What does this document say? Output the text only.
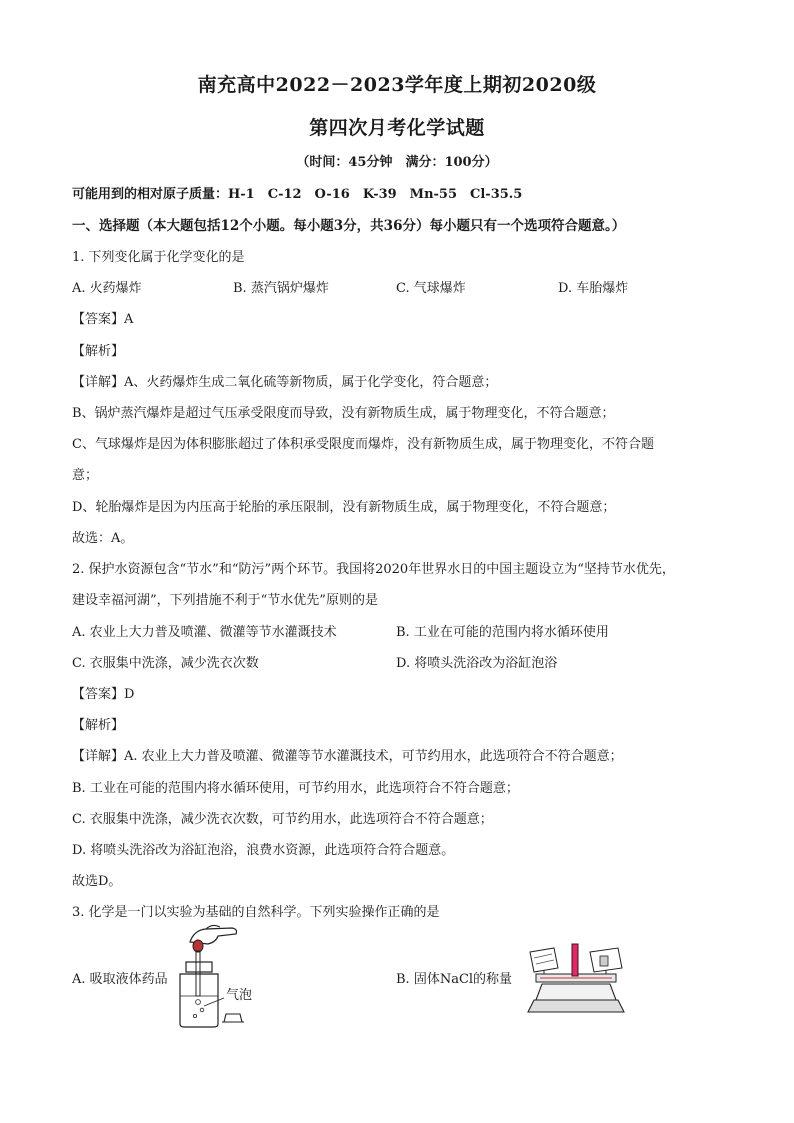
南充高中2022－2023学年度上期初2020级
第四次月考化学试题
（时间：45分钟　满分：100分）
可能用到的相对原子质量：H-1　C-12　O-16　K-39　Mn-55　Cl-35.5
一、选择题（本大题包括12个小题。每小题3分，共36分）每小题只有一个选项符合题意。）
1. 下列变化属于化学变化的是
A. 火药爆炸	B. 蒸汽锅炉爆炸	C. 气球爆炸	D. 车胎爆炸
【答案】A
【解析】
【详解】A、火药爆炸生成二氧化硫等新物质，属于化学变化，符合题意；
B、锅炉蒸汽爆炸是超过气压承受限度而导致，没有新物质生成，属于物理变化，不符合题意；
C、气球爆炸是因为体积膨胀超过了体积承受限度而爆炸，没有新物质生成，属于物理变化，不符合题
意；
D、轮胎爆炸是因为内压高于轮胎的承压限制，没有新物质生成，属于物理变化，不符合题意；
故选：A。
2. 保护水资源包含“节水”和“防污”两个环节。我国将2020年世界水日的中国主题设立为“坚持节水优先，
建设幸福河湖”，下列措施不利于“节水优先”原则的是
A. 农业上大力普及喷灌、微灌等节水灌溉技术	B. 工业在可能的范围内将水循环使用
C. 衣服集中洗涤，减少洗衣次数	D. 将喷头洗浴改为浴缸泡浴
【答案】D
【解析】
【详解】A. 农业上大力普及喷灌、微灌等节水灌溉技术，可节约用水，此选项符合不符合题意；
B. 工业在可能的范围内将水循环使用，可节约用水，此选项符合不符合题意；
C. 衣服集中洗涤，减少洗衣次数，可节约用水，此选项符合不符合题意；
D. 将喷头洗浴改为浴缸泡浴，浪费水资源，此选项符合符合题意。
故选D。
3. 化学是一门以实验为基础的自然科学。下列实验操作正确的是
A. 吸取液体药品	B. 固体NaCl的称量
气泡
